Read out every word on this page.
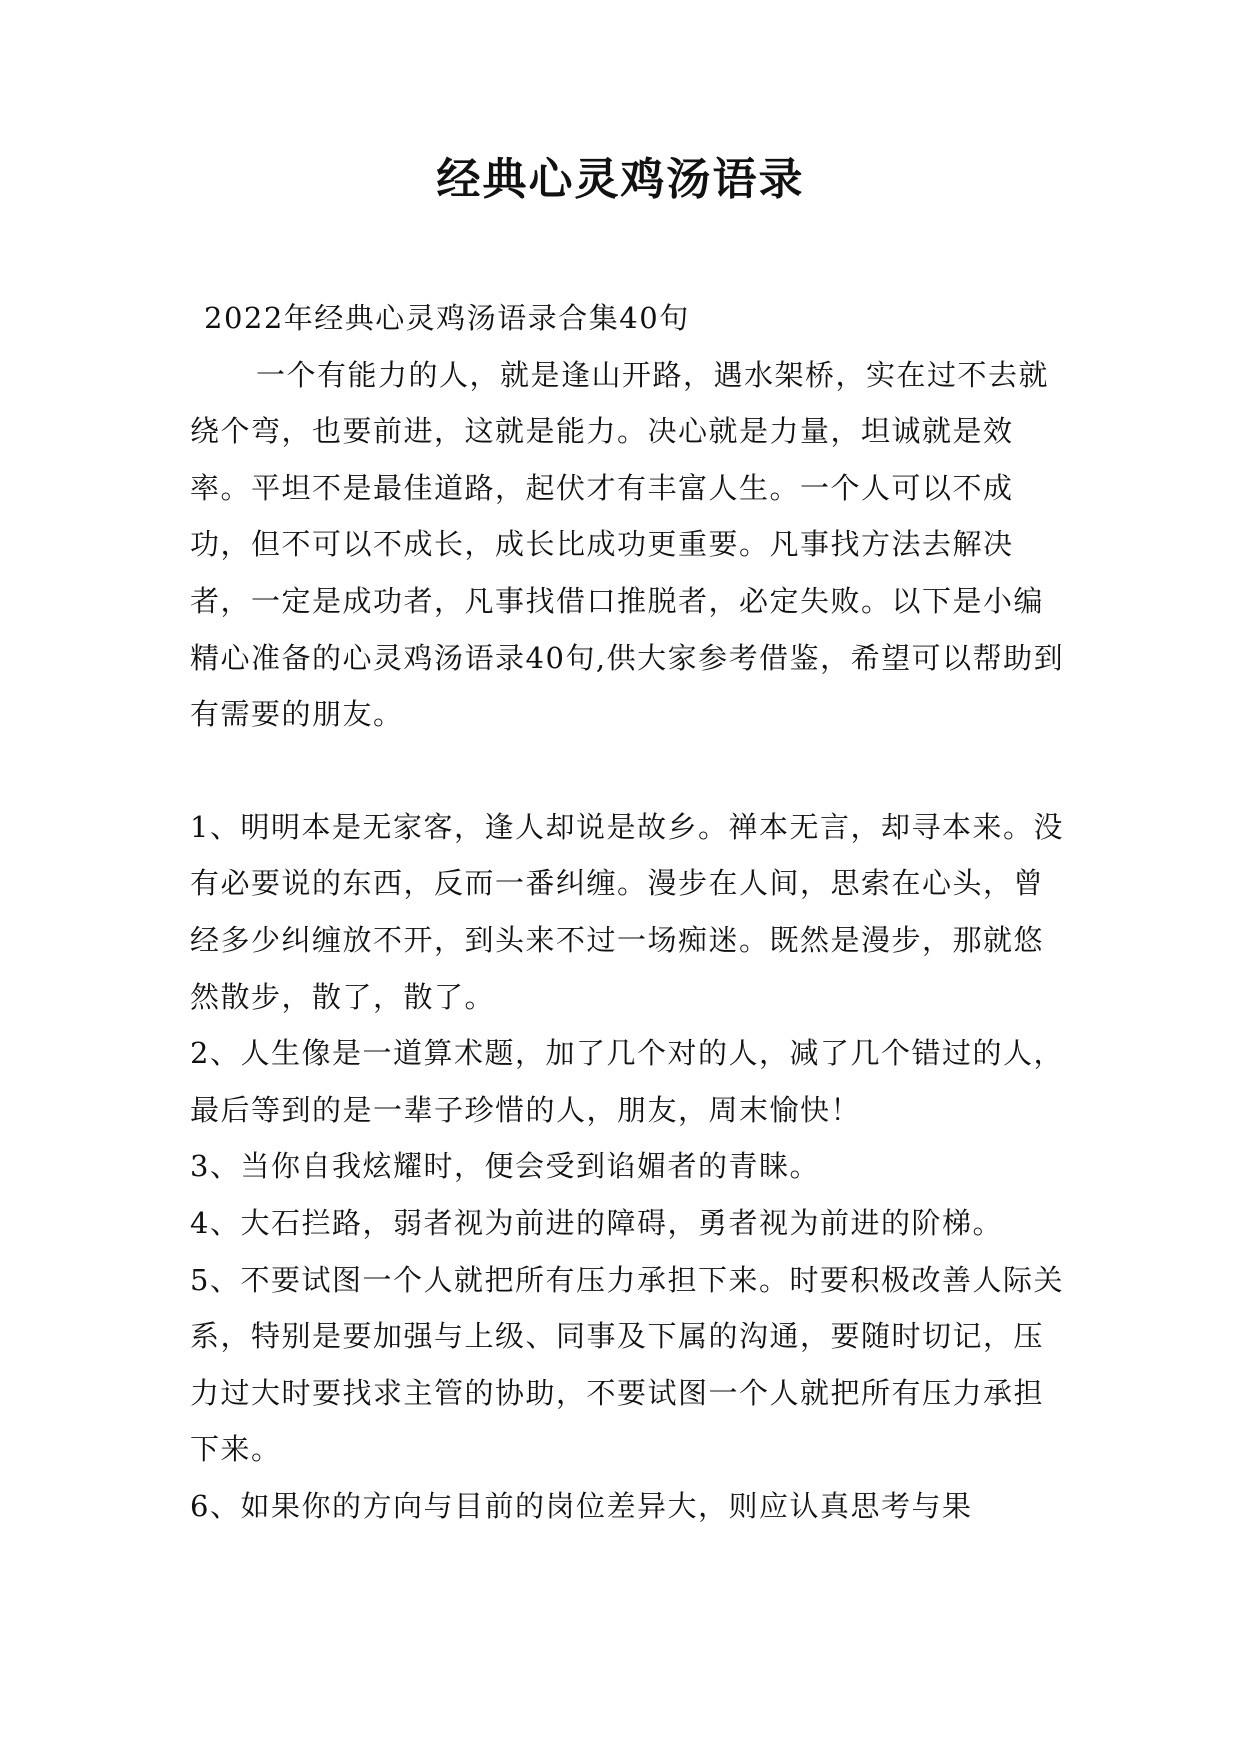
经典心灵鸡汤语录

2022年经典心灵鸡汤语录合集40句

一个有能力的人，就是逢山开路，遇水架桥，实在过不去就绕个弯，也要前进，这就是能力。决心就是力量，坦诚就是效率。平坦不是最佳道路，起伏才有丰富人生。一个人可以不成功，但不可以不成长，成长比成功更重要。凡事找方法去解决者，一定是成功者，凡事找借口推脱者，必定失败。以下是小编精心准备的心灵鸡汤语录40句,供大家参考借鉴，希望可以帮助到有需要的朋友。

1、明明本是无家客，逢人却说是故乡。禅本无言，却寻本来。没有必要说的东西，反而一番纠缠。漫步在人间，思索在心头，曾经多少纠缠放不开，到头来不过一场痴迷。既然是漫步，那就悠然散步，散了，散了。

2、人生像是一道算术题，加了几个对的人，减了几个错过的人，最后等到的是一辈子珍惜的人，朋友，周末愉快！

3、当你自我炫耀时，便会受到谄媚者的青睐。

4、大石拦路，弱者视为前进的障碍，勇者视为前进的阶梯。

5、不要试图一个人就把所有压力承担下来。时要积极改善人际关系，特别是要加强与上级、同事及下属的沟通，要随时切记，压力过大时要找求主管的协助，不要试图一个人就把所有压力承担下来。

6、如果你的方向与目前的岗位差异大，则应认真思考与果
